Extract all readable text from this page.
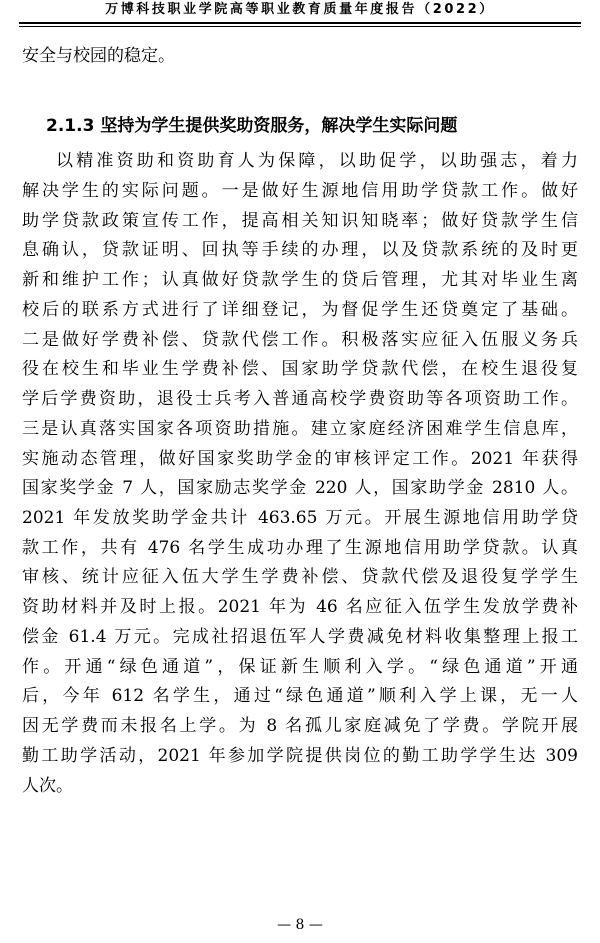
万博科技职业学院高等职业教育质量年度报告（2022）
安全与校园的稳定。
2.1.3 坚持为学生提供奖助资服务，解决学生实际问题
以精准资助和资助育人为保障，以助促学，以助强志，着力
解决学生的实际问题。一是做好生源地信用助学贷款工作。做好
助学贷款政策宣传工作，提高相关知识知晓率；做好贷款学生信
息确认，贷款证明、回执等手续的办理，以及贷款系统的及时更
新和维护工作；认真做好贷款学生的贷后管理，尤其对毕业生离
校后的联系方式进行了详细登记，为督促学生还贷奠定了基础。
二是做好学费补偿、贷款代偿工作。积极落实应征入伍服义务兵
役在校生和毕业生学费补偿、国家助学贷款代偿，在校生退役复
学后学费资助，退役士兵考入普通高校学费资助等各项资助工作。
三是认真落实国家各项资助措施。建立家庭经济困难学生信息库，
实施动态管理，做好国家奖助学金的审核评定工作。2021 年获得
国家奖学金 7 人，国家励志奖学金 220 人，国家助学金 2810 人。
2021 年发放奖助学金共计 463.65 万元。开展生源地信用助学贷
款工作，共有 476 名学生成功办理了生源地信用助学贷款。认真
审核、统计应征入伍大学生学费补偿、贷款代偿及退役复学学生
资助材料并及时上报。2021 年为 46 名应征入伍学生发放学费补
偿金 61.4 万元。完成社招退伍军人学费减免材料收集整理上报工
作。开通“绿色通道”，保证新生顺利入学。“绿色通道”开通
后，今年 612 名学生，通过“绿色通道”顺利入学上课，无一人
因无学费而未报名上学。为 8 名孤儿家庭减免了学费。学院开展
勤工助学活动，2021 年参加学院提供岗位的勤工助学学生达 309
人次。
— 8 —
